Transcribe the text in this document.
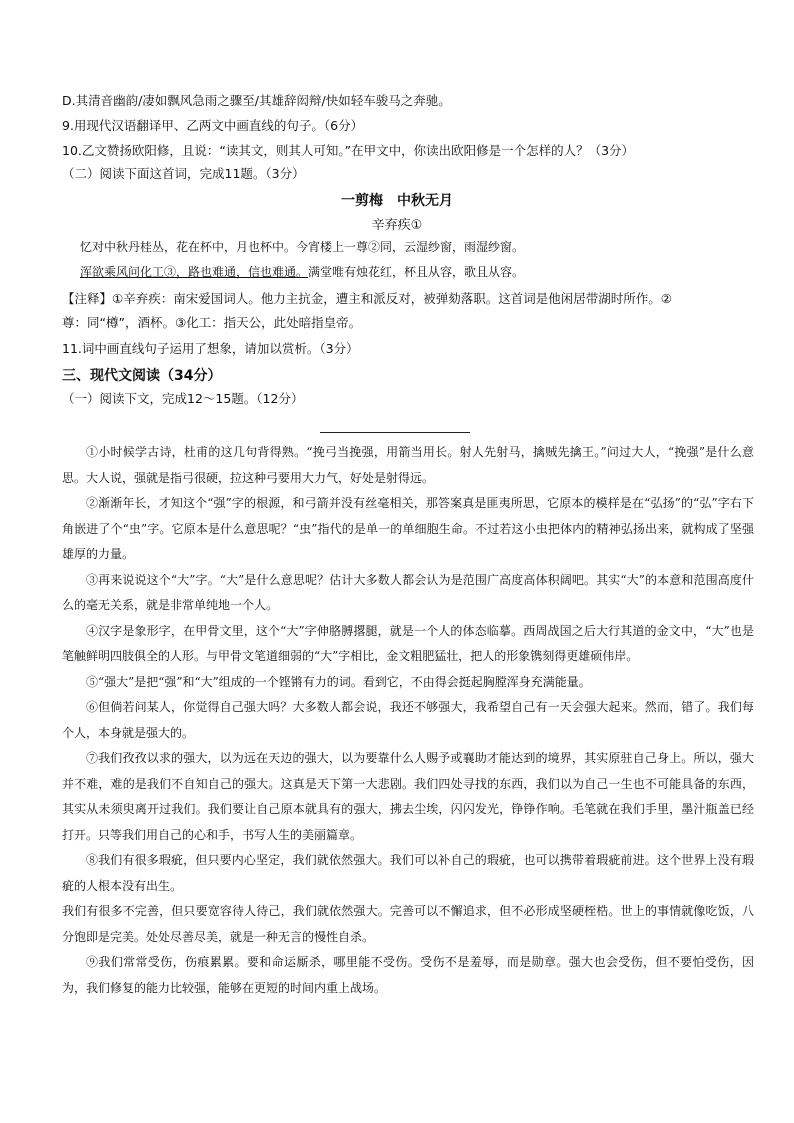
D.其清音幽韵/凄如飘风急雨之骤至/其雄辞闳辩/快如轻车骏马之奔驰。
9.用现代汉语翻译甲、乙两文中画直线的句子。（6分）
10.乙文赞扬欧阳修，且说：“读其文，则其人可知。”在甲文中，你读出欧阳修是一个怎样的人？（3分）
（二）阅读下面这首词，完成11题。（3分）
一剪梅　中秋无月
辛弃疾①
忆对中秋丹桂丛，花在杯中，月也杯中。今宵楼上一尊②同，云湿纱窗，雨湿纱窗。
浑欲乘风问化工③，路也难通，信也难通。满堂唯有烛花红，杯且从容，歌且从容。
【注释】①辛弃疾：南宋爱国词人。他力主抗金，遭主和派反对，被弹劾落职。这首词是他闲居带湖时所作。②
尊：同“樽”，酒杯。③化工：指天公，此处暗指皇帝。
11.词中画直线句子运用了想象，请加以赏析。（3分）
三、现代文阅读（34分）
（一）阅读下文，完成12～15题。（12分）

①小时候学古诗，杜甫的这几句背得熟。“挽弓当挽强，用箭当用长。射人先射马，擒贼先擒王。”问过大人，“挽强”是什么意思。大人说，强就是指弓很硬，拉这种弓要用大力气，好处是射得远。

②渐渐年长，才知这个“强”字的根源，和弓箭并没有丝毫相关，那答案真是匪夷所思，它原本的模样是在“弘扬”的“弘”字右下角嵌进了个“虫”字。它原本是什么意思呢？“虫”指代的是单一的单细胞生命。不过若这小虫把体内的精神弘扬出来，就构成了坚强雄厚的力量。

③再来说说这个“大”字。“大”是什么意思呢？估计大多数人都会认为是范围广高度高体积阔吧。其实“大”的本意和范围高度什么的毫无关系，就是非常单纯地一个人。

④汉字是象形字，在甲骨文里，这个“大”字伸胳膊撂腿，就是一个人的体态临摹。西周战国之后大行其道的金文中，“大”也是笔触鲜明四肢俱全的人形。与甲骨文笔道细弱的“大”字相比，金文粗肥猛壮，把人的形象镌刻得更雄硕伟岸。

⑤“强大”是把“强”和“大”组成的一个铿锵有力的词。看到它，不由得会挺起胸膛浑身充满能量。

⑥但倘若问某人，你觉得自己强大吗？大多数人都会说，我还不够强大，我希望自己有一天会强大起来。然而，错了。我们每个人，本身就是强大的。

⑦我们孜孜以求的强大，以为远在天边的强大，以为要靠什么人赐予或襄助才能达到的境界，其实原驻自己身上。所以，强大并不难，难的是我们不自知自己的强大。这真是天下第一大悲剧。我们四处寻找的东西，我们以为自己一生也不可能具备的东西，其实从未须臾离开过我们。我们要让自己原本就具有的强大，拂去尘埃，闪闪发光，铮铮作响。毛笔就在我们手里，墨汁瓶盖已经打开。只等我们用自己的心和手，书写人生的美丽篇章。

⑧我们有很多瑕疵，但只要内心坚定，我们就依然强大。我们可以补自己的瑕疵，也可以携带着瑕疵前进。这个世界上没有瑕疵的人根本没有出生。

我们有很多不完善，但只要宽容待人待己，我们就依然强大。完善可以不懈追求，但不必形成坚硬桎梏。世上的事情就像吃饭，八分饱即是完美。处处尽善尽美，就是一种无言的慢性自杀。

⑨我们常常受伤，伤痕累累。要和命运厮杀，哪里能不受伤。受伤不是羞辱，而是勋章。强大也会受伤，但不要怕受伤，因为，我们修复的能力比较强，能够在更短的时间内重上战场。
